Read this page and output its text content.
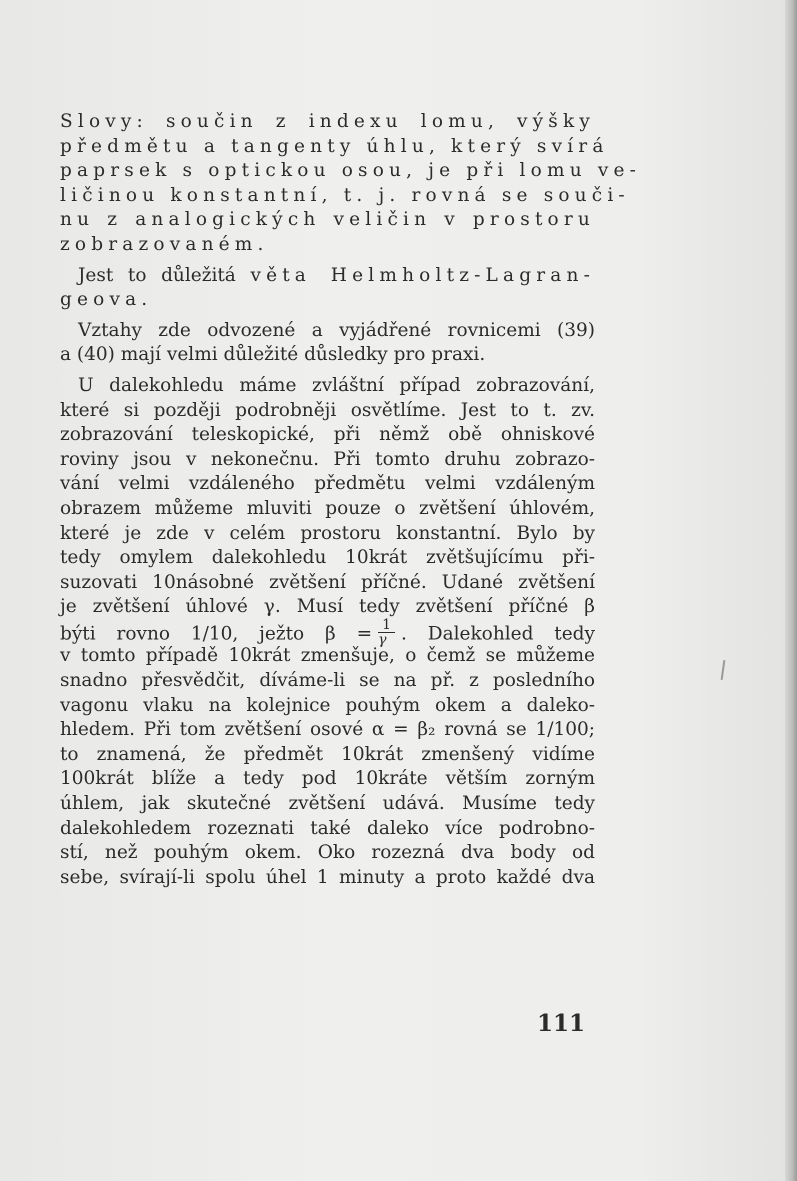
Slovy: součin z indexu lomu, výšky
předmětu a tangenty úhlu, který svírá
paprsek s optickou osou, je při lomu ve-
ličinou konstantní, t. j. rovná se souči-
nu z analogických veličin v prostoru
zobrazovaném.
Jest to důležitá věta Helmholtz-Lagran-
geova.
Vztahy zde odvozené a vyjádřené rovnicemi (39)
a (40) mají velmi důležité důsledky pro praxi.
U dalekohledu máme zvláštní případ zobrazování,
které si později podrobněji osvětlíme. Jest to t. zv.
zobrazování teleskopické, při němž obě ohniskové
roviny jsou v nekonečnu. Při tomto druhu zobrazo-
vání velmi vzdáleného předmětu velmi vzdáleným
obrazem můžeme mluviti pouze o zvětšení úhlovém,
které je zde v celém prostoru konstantní. Bylo by
tedy omylem dalekohledu 10krát zvětšujícímu při-
suzovati 10násobné zvětšení příčné. Udané zvětšení
je zvětšení úhlové γ. Musí tedy zvětšení příčné β
býti rovno 1/10, ježto $\beta = \frac{1}{\gamma}$ . Dalekohled tedy
v tomto případě 10krát zmenšuje, o čemž se můžeme
snadno přesvědčit, díváme-li se na př. z posledního
vagonu vlaku na kolejnice pouhým okem a daleko-
hledem. Při tom zvětšení osové α = β₂ rovná se 1/100;
to znamená, že předmět 10krát zmenšený vidíme
100krát blíže a tedy pod 10kráte větším zorným
úhlem, jak skutečné zvětšení udává. Musíme tedy
dalekohledem rozeznati také daleko více podrobno-
stí, než pouhým okem. Oko rozezná dva body od
sebe, svírají-li spolu úhel 1 minuty a proto každé dva
111
